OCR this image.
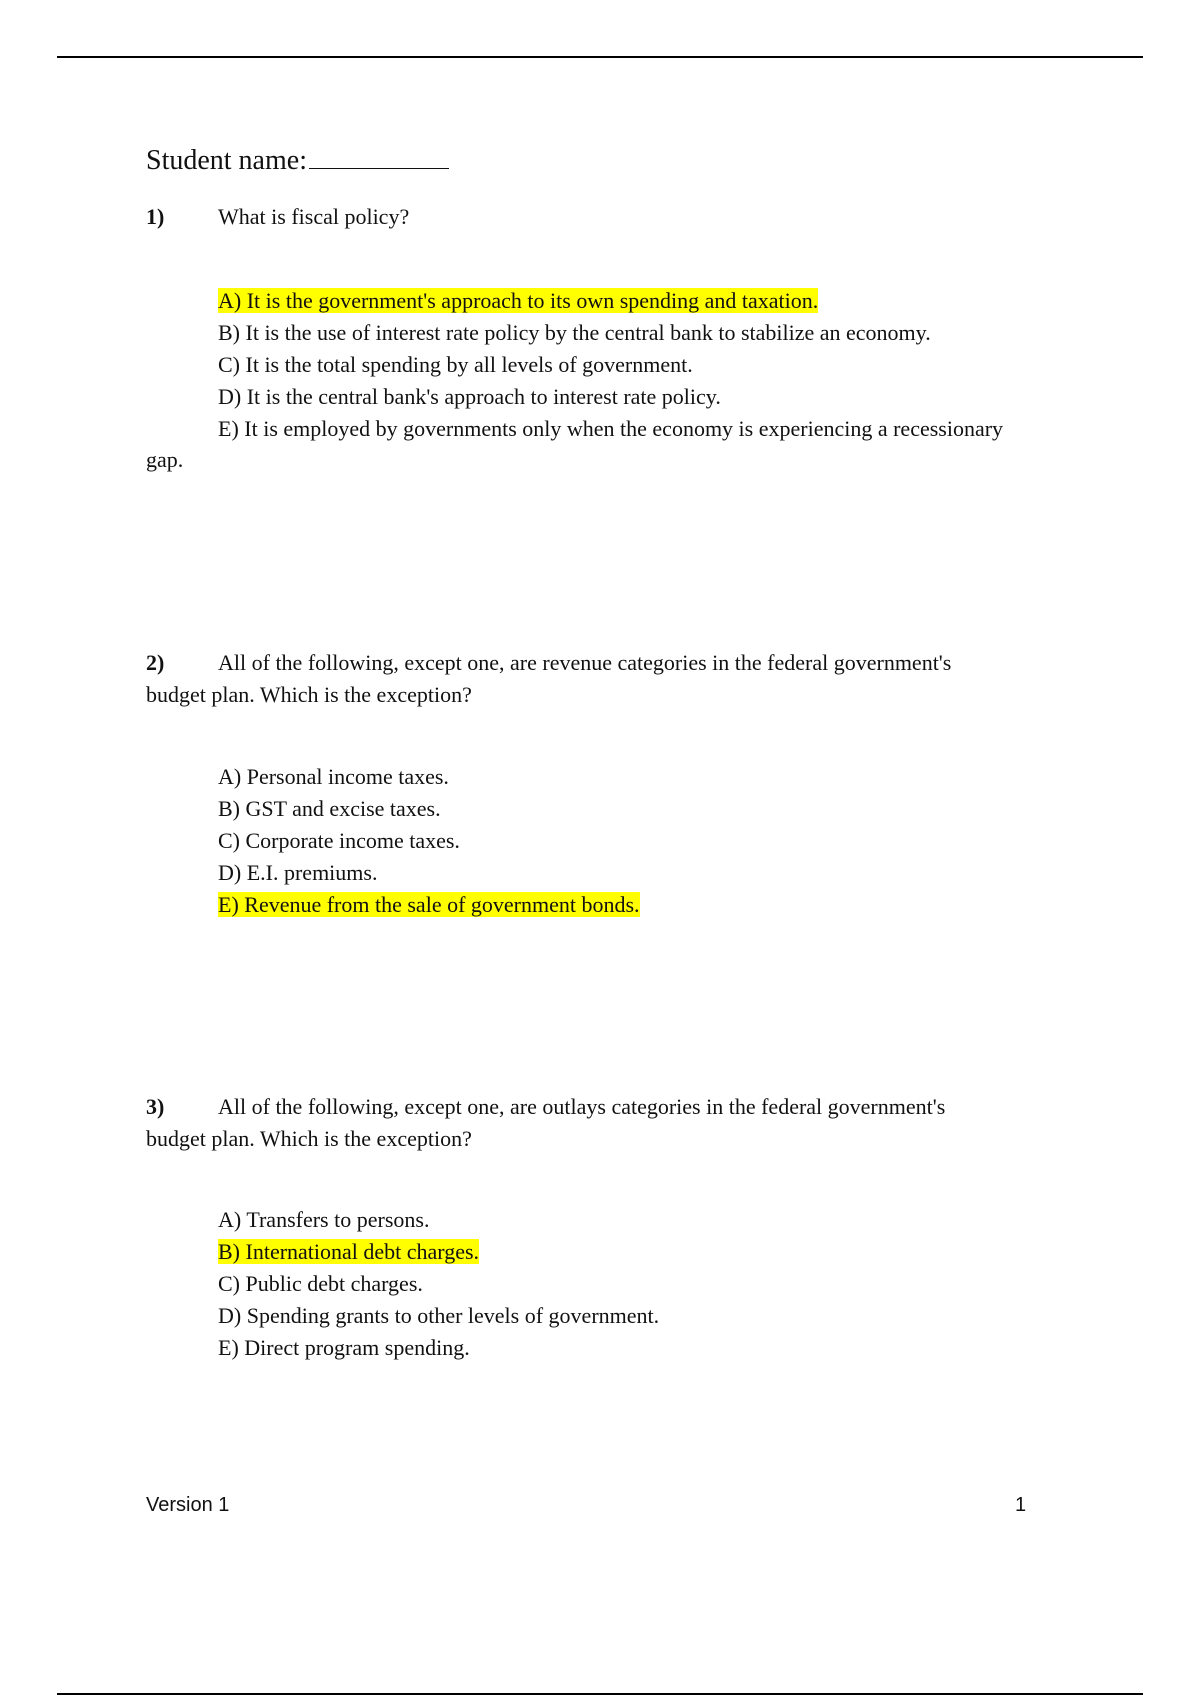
Student name:
1) What is fiscal policy?
A) It is the government's approach to its own spending and taxation.
B) It is the use of interest rate policy by the central bank to stabilize an economy.
C) It is the total spending by all levels of government.
D) It is the central bank's approach to interest rate policy.
E) It is employed by governments only when the economy is experiencing a recessionary
gap.
2) All of the following, except one, are revenue categories in the federal government's
budget plan. Which is the exception?
A) Personal income taxes.
B) GST and excise taxes.
C) Corporate income taxes.
D) E.I. premiums.
E) Revenue from the sale of government bonds.
3) All of the following, except one, are outlays categories in the federal government's
budget plan. Which is the exception?
A) Transfers to persons.
B) International debt charges.
C) Public debt charges.
D) Spending grants to other levels of government.
E) Direct program spending.
Version 1	1
